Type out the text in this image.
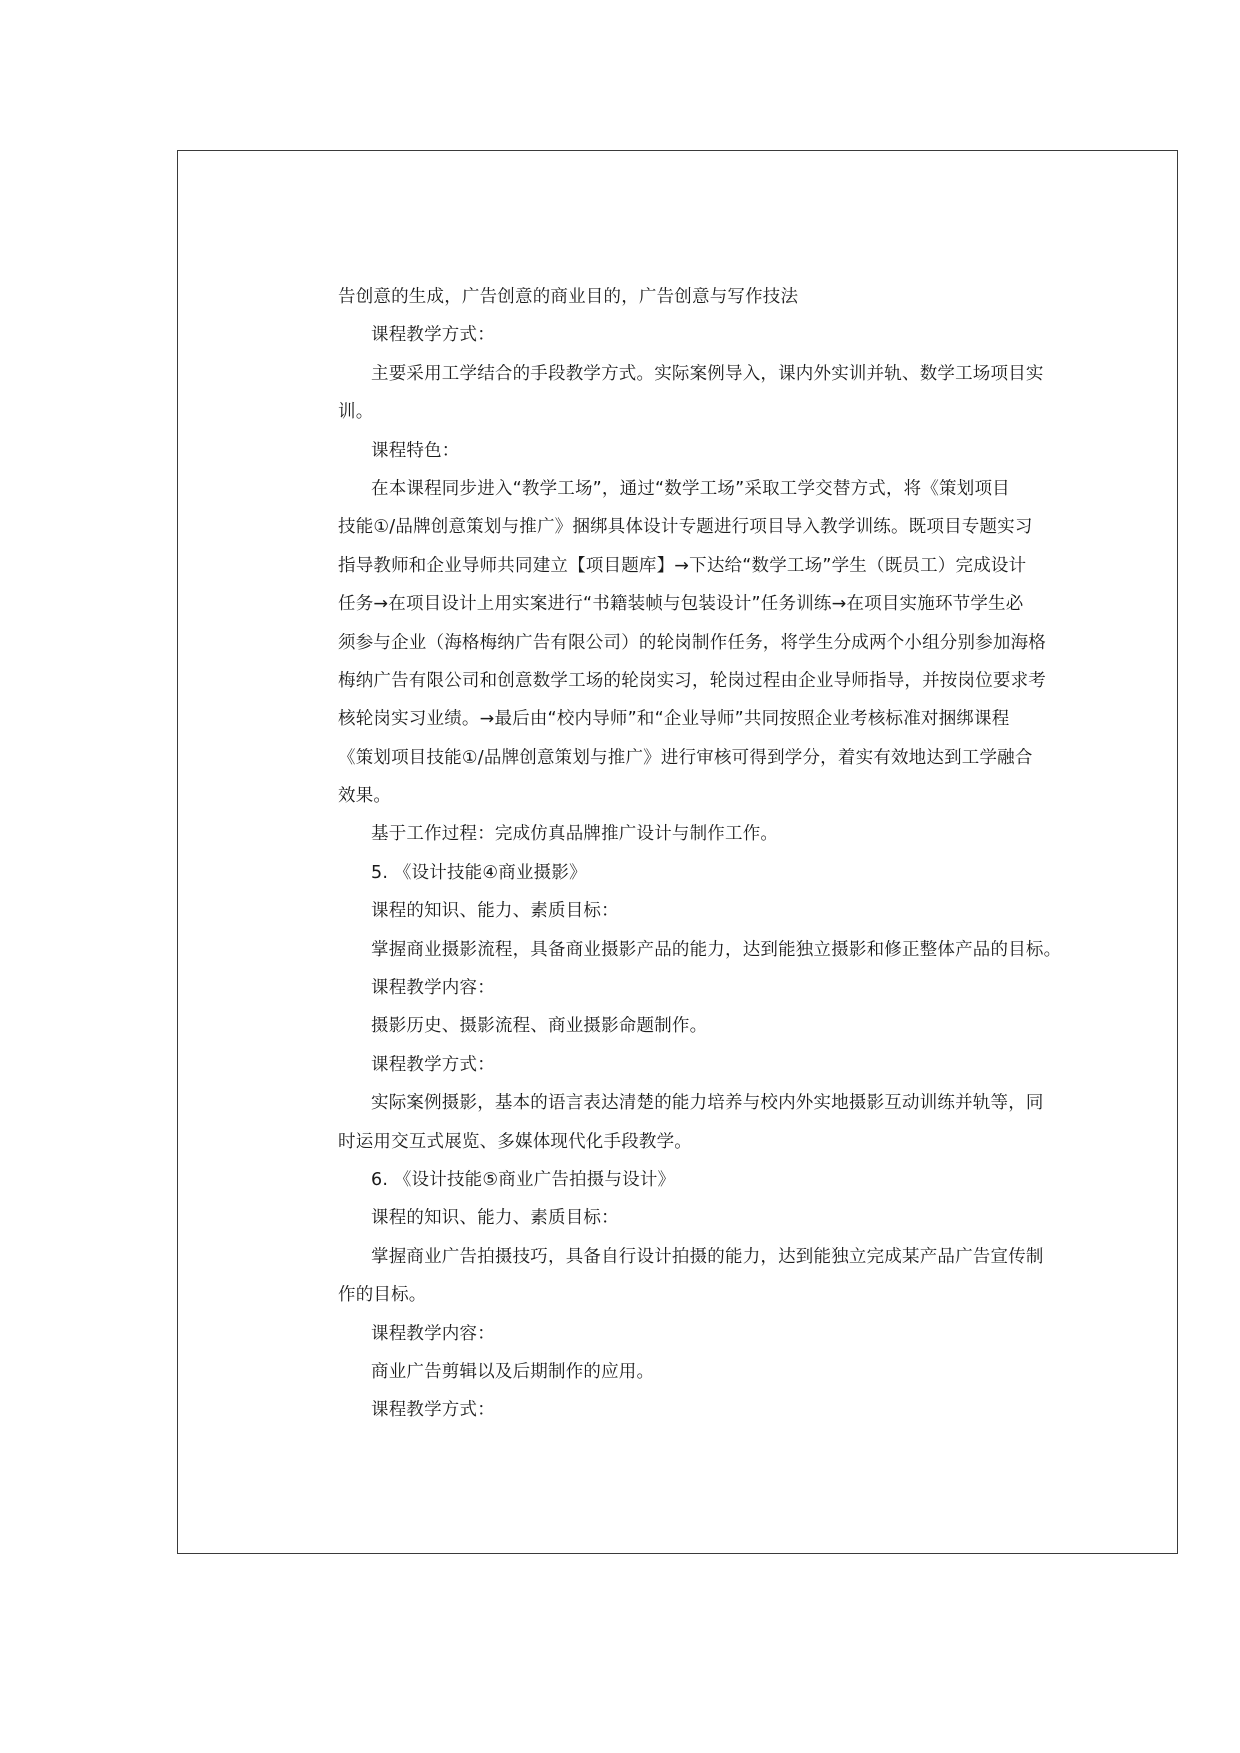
告创意的生成，广告创意的商业目的，广告创意与写作技法
课程教学方式：
主要采用工学结合的手段教学方式。实际案例导入，课内外实训并轨、数学工场项目实
训。
课程特色：
在本课程同步进入“教学工场”，通过“数学工场”采取工学交替方式，将《策划项目
技能①/品牌创意策划与推广》捆绑具体设计专题进行项目导入教学训练。既项目专题实习
指导教师和企业导师共同建立【项目题库】→下达给“数学工场”学生（既员工）完成设计
任务→在项目设计上用实案进行“书籍装帧与包装设计”任务训练→在项目实施环节学生必
须参与企业（海格梅纳广告有限公司）的轮岗制作任务，将学生分成两个小组分别参加海格
梅纳广告有限公司和创意数学工场的轮岗实习，轮岗过程由企业导师指导，并按岗位要求考
核轮岗实习业绩。→最后由“校内导师”和“企业导师”共同按照企业考核标准对捆绑课程
《策划项目技能①/品牌创意策划与推广》进行审核可得到学分，着实有效地达到工学融合
效果。
基于工作过程：完成仿真品牌推广设计与制作工作。
5. 《设计技能④商业摄影》
课程的知识、能力、素质目标：
掌握商业摄影流程，具备商业摄影产品的能力，达到能独立摄影和修正整体产品的目标。
课程教学内容：
摄影历史、摄影流程、商业摄影命题制作。
课程教学方式：
实际案例摄影，基本的语言表达清楚的能力培养与校内外实地摄影互动训练并轨等，同
时运用交互式展览、多媒体现代化手段教学。
6. 《设计技能⑤商业广告拍摄与设计》
课程的知识、能力、素质目标：
掌握商业广告拍摄技巧，具备自行设计拍摄的能力，达到能独立完成某产品广告宣传制
作的目标。
课程教学内容：
商业广告剪辑以及后期制作的应用。
课程教学方式：
